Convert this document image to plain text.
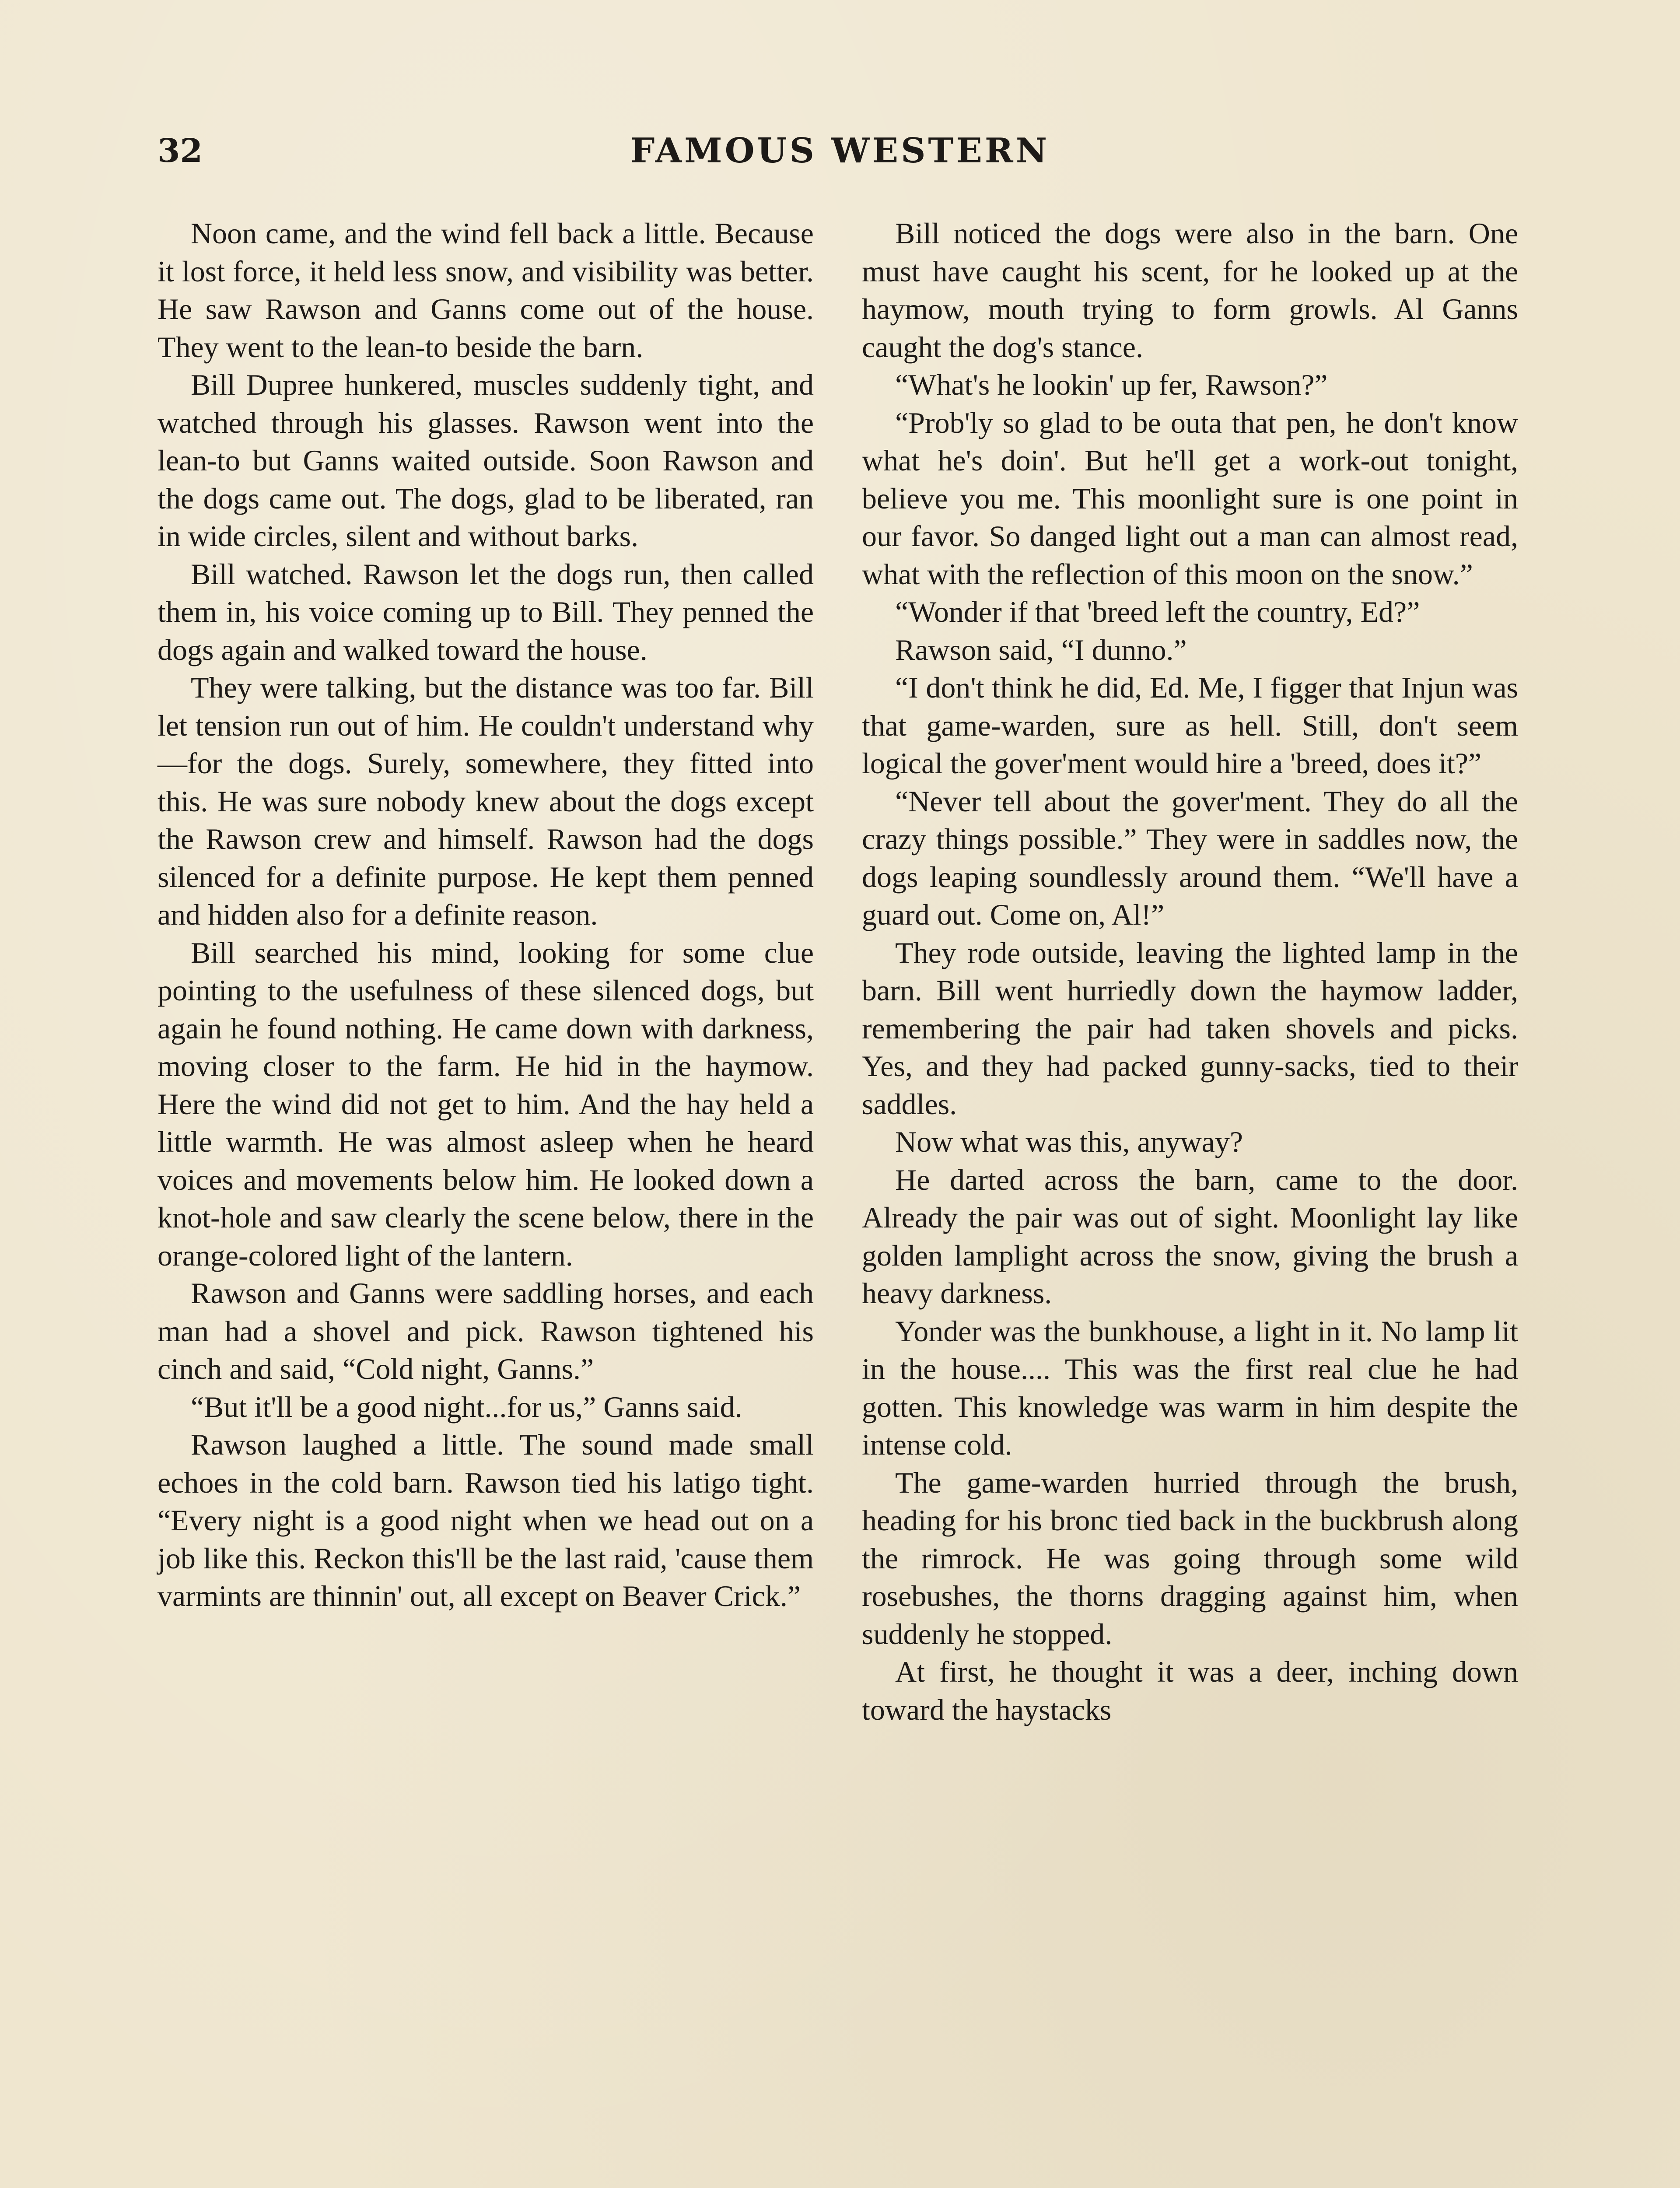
32	FAMOUS WESTERN

Noon came, and the wind fell back a little. Because it lost force, it held less snow, and visibility was better. He saw Rawson and Ganns come out of the house. They went to the lean-to beside the barn.

Bill Dupree hunkered, muscles suddenly tight, and watched through his glasses. Rawson went into the lean-to but Ganns waited outside. Soon Rawson and the dogs came out. The dogs, glad to be liberated, ran in wide circles, silent and without barks.

Bill watched. Rawson let the dogs run, then called them in, his voice coming up to Bill. They penned the dogs again and walked toward the house.

They were talking, but the distance was too far. Bill let tension run out of him. He couldn't understand why—for the dogs. Surely, somewhere, they fitted into this. He was sure nobody knew about the dogs except the Rawson crew and himself. Rawson had the dogs silenced for a definite purpose. He kept them penned and hidden also for a definite reason.

Bill searched his mind, looking for some clue pointing to the usefulness of these silenced dogs, but again he found nothing. He came down with darkness, moving closer to the farm. He hid in the haymow. Here the wind did not get to him. And the hay held a little warmth. He was almost asleep when he heard voices and movements below him. He looked down a knot-hole and saw clearly the scene below, there in the orange-colored light of the lantern.

Rawson and Ganns were saddling horses, and each man had a shovel and pick. Rawson tightened his cinch and said, “Cold night, Ganns.”

“But it'll be a good night...for us,” Ganns said.

Rawson laughed a little. The sound made small echoes in the cold barn. Rawson tied his latigo tight. “Every night is a good night when we head out on a job like this. Reckon this'll be the last raid, 'cause them varmints are thinnin' out, all except on Beaver Crick.”

Bill noticed the dogs were also in the barn. One must have caught his scent, for he looked up at the haymow, mouth trying to form growls. Al Ganns caught the dog's stance.

“What's he lookin' up fer, Rawson?”

“Prob'ly so glad to be outa that pen, he don't know what he's doin'. But he'll get a work-out tonight, believe you me. This moonlight sure is one point in our favor. So danged light out a man can almost read, what with the reflection of this moon on the snow.”

“Wonder if that 'breed left the country, Ed?”

Rawson said, “I dunno.”

“I don't think he did, Ed. Me, I figger that Injun was that game-warden, sure as hell. Still, don't seem logical the gover'ment would hire a 'breed, does it?”

“Never tell about the gover'ment. They do all the crazy things possible.” They were in saddles now, the dogs leaping soundlessly around them. “We'll have a guard out. Come on, Al!”

They rode outside, leaving the lighted lamp in the barn. Bill went hurriedly down the haymow ladder, remembering the pair had taken shovels and picks. Yes, and they had packed gunny-sacks, tied to their saddles.

Now what was this, anyway?

He darted across the barn, came to the door. Already the pair was out of sight. Moonlight lay like golden lamplight across the snow, giving the brush a heavy darkness.

Yonder was the bunkhouse, a light in it. No lamp lit in the house.... This was the first real clue he had gotten. This knowledge was warm in him despite the intense cold.

The game-warden hurried through the brush, heading for his bronc tied back in the buckbrush along the rimrock. He was going through some wild rosebushes, the thorns dragging against him, when suddenly he stopped.

At first, he thought it was a deer, inching down toward the haystacks
